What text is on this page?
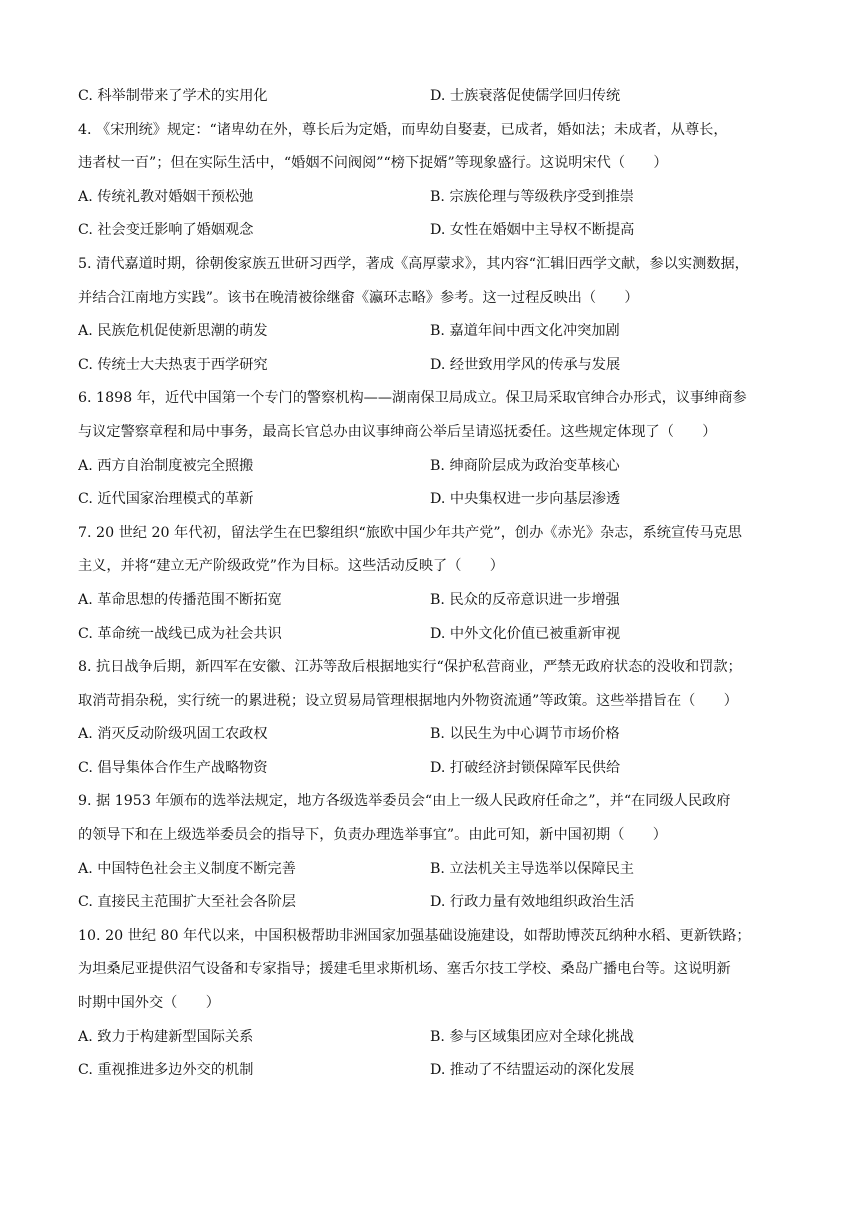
C. 科举制带来了学术的实用化	D. 士族衰落促使儒学回归传统
4. 《宋刑统》规定：“诸卑幼在外，尊长后为定婚，而卑幼自娶妻，已成者，婚如法；未成者，从尊长，
违者杖一百”；但在实际生活中，“婚姻不问阀阅”“榜下捉婿”等现象盛行。这说明宋代（　　）
A. 传统礼教对婚姻干预松弛	B. 宗族伦理与等级秩序受到推崇
C. 社会变迁影响了婚姻观念	D. 女性在婚姻中主导权不断提高
5. 清代嘉道时期，徐朝俊家族五世研习西学，著成《高厚蒙求》，其内容“汇辑旧西学文献，参以实测数据，
并结合江南地方实践”。该书在晚清被徐继畲《瀛环志略》参考。这一过程反映出（　　）
A. 民族危机促使新思潮的萌发	B. 嘉道年间中西文化冲突加剧
C. 传统士大夫热衷于西学研究	D. 经世致用学风的传承与发展
6. 1898 年，近代中国第一个专门的警察机构——湖南保卫局成立。保卫局采取官绅合办形式，议事绅商参
与议定警察章程和局中事务，最高长官总办由议事绅商公举后呈请巡抚委任。这些规定体现了（　　）
A. 西方自治制度被完全照搬	B. 绅商阶层成为政治变革核心
C. 近代国家治理模式的革新	D. 中央集权进一步向基层渗透
7. 20 世纪 20 年代初，留法学生在巴黎组织“旅欧中国少年共产党”，创办《赤光》杂志，系统宣传马克思
主义，并将“建立无产阶级政党”作为目标。这些活动反映了（　　）
A. 革命思想的传播范围不断拓宽	B. 民众的反帝意识进一步增强
C. 革命统一战线已成为社会共识	D. 中外文化价值已被重新审视
8. 抗日战争后期，新四军在安徽、江苏等敌后根据地实行“保护私营商业，严禁无政府状态的没收和罚款；
取消苛捐杂税，实行统一的累进税；设立贸易局管理根据地内外物资流通”等政策。这些举措旨在（　　）
A. 消灭反动阶级巩固工农政权	B. 以民生为中心调节市场价格
C. 倡导集体合作生产战略物资	D. 打破经济封锁保障军民供给
9. 据 1953 年颁布的选举法规定，地方各级选举委员会“由上一级人民政府任命之”，并“在同级人民政府
的领导下和在上级选举委员会的指导下，负责办理选举事宜”。由此可知，新中国初期（　　）
A. 中国特色社会主义制度不断完善	B. 立法机关主导选举以保障民主
C. 直接民主范围扩大至社会各阶层	D. 行政力量有效地组织政治生活
10. 20 世纪 80 年代以来，中国积极帮助非洲国家加强基础设施建设，如帮助博茨瓦纳种水稻、更新铁路；
为坦桑尼亚提供沼气设备和专家指导；援建毛里求斯机场、塞舌尔技工学校、桑岛广播电台等。这说明新
时期中国外交（　　）
A. 致力于构建新型国际关系	B. 参与区域集团应对全球化挑战
C. 重视推进多边外交的机制	D. 推动了不结盟运动的深化发展
